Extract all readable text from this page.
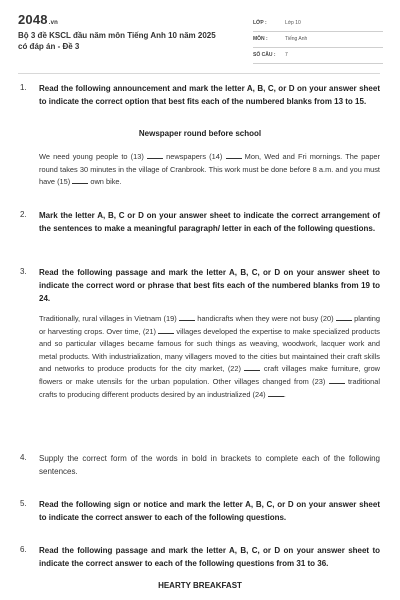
2048.vn
Bộ 3 đề KSCL đầu năm môn Tiếng Anh 10 năm 2025 có đáp án - Đề 3
LỚP :	Lớp 10
MÔN :	Tiếng Anh
SỐ CÂU : 7
1. Read the following announcement and mark the letter A, B, C, or D on your answer sheet to indicate the correct option that best fits each of the numbered blanks from 13 to 15.
Newspaper round before school
We need young people to (13)	newspapers (14)	Mon, Wed and Fri mornings. The paper round takes 30 minutes in the village of Cranbrook. This work must be done before 8 a.m. and you must have (15)	own bike.
2. Mark the letter A, B, C or D on your answer sheet to indicate the correct arrangement of the sentences to make a meaningful paragraph/ letter in each of the following questions.
3. Read the following passage and mark the letter A, B, C, or D on your answer sheet to indicate the correct word or phrase that best fits each of the numbered blanks from 19 to 24.
Traditionally, rural villages in Vietnam (19)	handicrafts when they were not busy (20)	planting or harvesting crops. Over time, (21)	villages developed the expertise to make specialized products and so particular villages became famous for such things as weaving, woodwork, lacquer work and metal products. With industrialization, many villagers moved to the cities but maintained their craft skills and networks to produce products for the city market, (22)	craft villages make furniture, grow flowers or make utensils for the urban population. Other villages changed from (23)	traditional crafts to producing different products desired by an industrialized (24) .
4. Supply the correct form of the words in bold in brackets to complete each of the following sentences.
5. Read the following sign or notice and mark the letter A, B, C, or D on your answer sheet to indicate the correct answer to each of the following questions.
6. Read the following passage and mark the letter A, B, C, or D on your answer sheet to indicate the correct answer to each of the following questions from 31 to 36.
HEARTY BREAKFAST
